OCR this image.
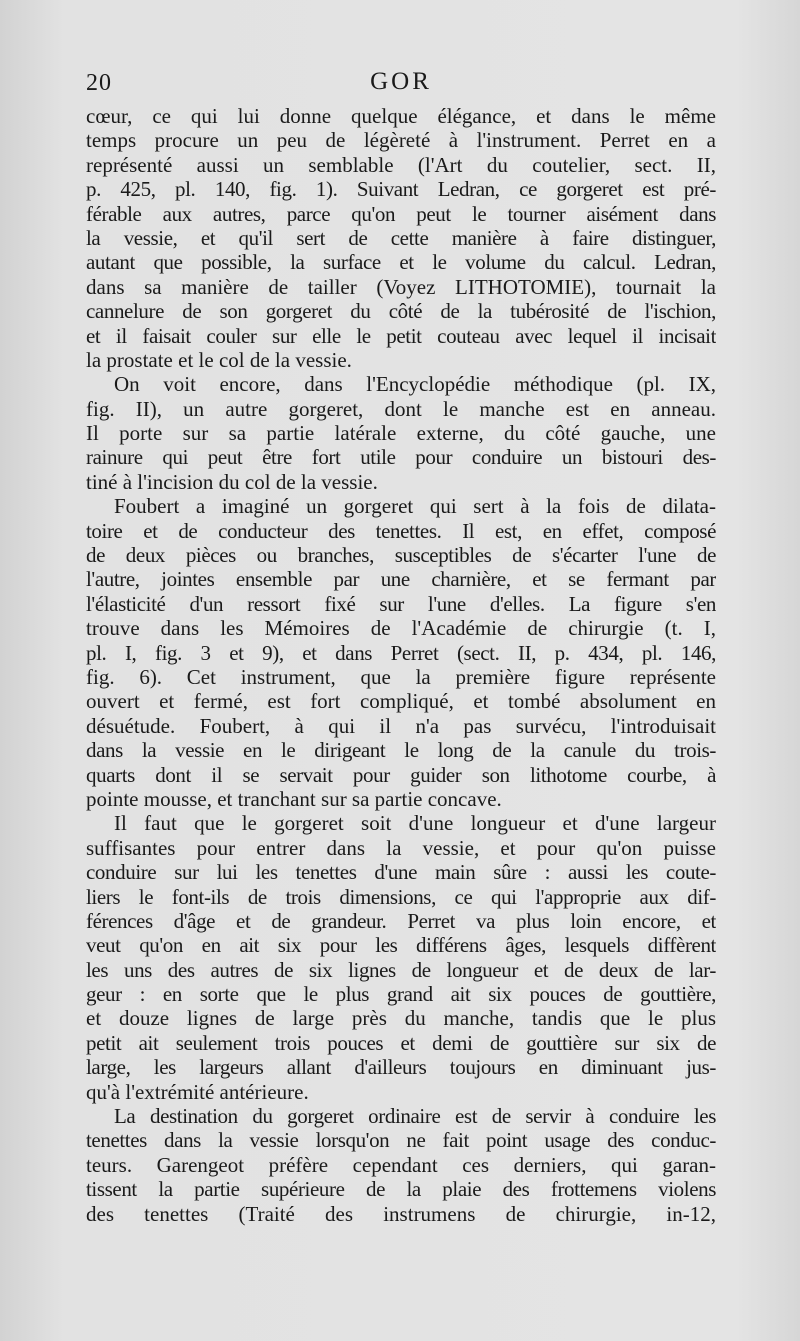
20	GOR
cœur, ce qui lui donne quelque élégance, et dans le même
temps procure un peu de légèreté à l'instrument. Perret en a
représenté aussi un semblable (l'Art du coutelier, sect. II,
p. 425, pl. 140, fig. 1). Suivant Ledran, ce gorgeret est pré-
férable aux autres, parce qu'on peut le tourner aisément dans
la vessie, et qu'il sert de cette manière à faire distinguer,
autant que possible, la surface et le volume du calcul. Ledran,
dans sa manière de tailler (Voyez LITHOTOMIE), tournait la
cannelure de son gorgeret du côté de la tubérosité de l'ischion,
et il faisait couler sur elle le petit couteau avec lequel il incisait
la prostate et le col de la vessie.
On voit encore, dans l'Encyclopédie méthodique (pl. IX,
fig. II), un autre gorgeret, dont le manche est en anneau.
Il porte sur sa partie latérale externe, du côté gauche, une
rainure qui peut être fort utile pour conduire un bistouri des-
tiné à l'incision du col de la vessie.
Foubert a imaginé un gorgeret qui sert à la fois de dilata-
toire et de conducteur des tenettes. Il est, en effet, composé
de deux pièces ou branches, susceptibles de s'écarter l'une de
l'autre, jointes ensemble par une charnière, et se fermant par
l'élasticité d'un ressort fixé sur l'une d'elles. La figure s'en
trouve dans les Mémoires de l'Académie de chirurgie (t. I,
pl. I, fig. 3 et 9), et dans Perret (sect. II, p. 434, pl. 146,
fig. 6). Cet instrument, que la première figure représente
ouvert et fermé, est fort compliqué, et tombé absolument en
désuétude. Foubert, à qui il n'a pas survécu, l'introduisait
dans la vessie en le dirigeant le long de la canule du trois-
quarts dont il se servait pour guider son lithotome courbe, à
pointe mousse, et tranchant sur sa partie concave.
Il faut que le gorgeret soit d'une longueur et d'une largeur
suffisantes pour entrer dans la vessie, et pour qu'on puisse
conduire sur lui les tenettes d'une main sûre : aussi les coute-
liers le font-ils de trois dimensions, ce qui l'approprie aux dif-
férences d'âge et de grandeur. Perret va plus loin encore, et
veut qu'on en ait six pour les différens âges, lesquels diffèrent
les uns des autres de six lignes de longueur et de deux de lar-
geur : en sorte que le plus grand ait six pouces de gouttière,
et douze lignes de large près du manche, tandis que le plus
petit ait seulement trois pouces et demi de gouttière sur six de
large, les largeurs allant d'ailleurs toujours en diminuant jus-
qu'à l'extrémité antérieure.
La destination du gorgeret ordinaire est de servir à conduire les
tenettes dans la vessie lorsqu'on ne fait point usage des conduc-
teurs. Garengeot préfère cependant ces derniers, qui garan-
tissent la partie supérieure de la plaie des frottemens violens
des tenettes (Traité des instrumens de chirurgie, in-12,
